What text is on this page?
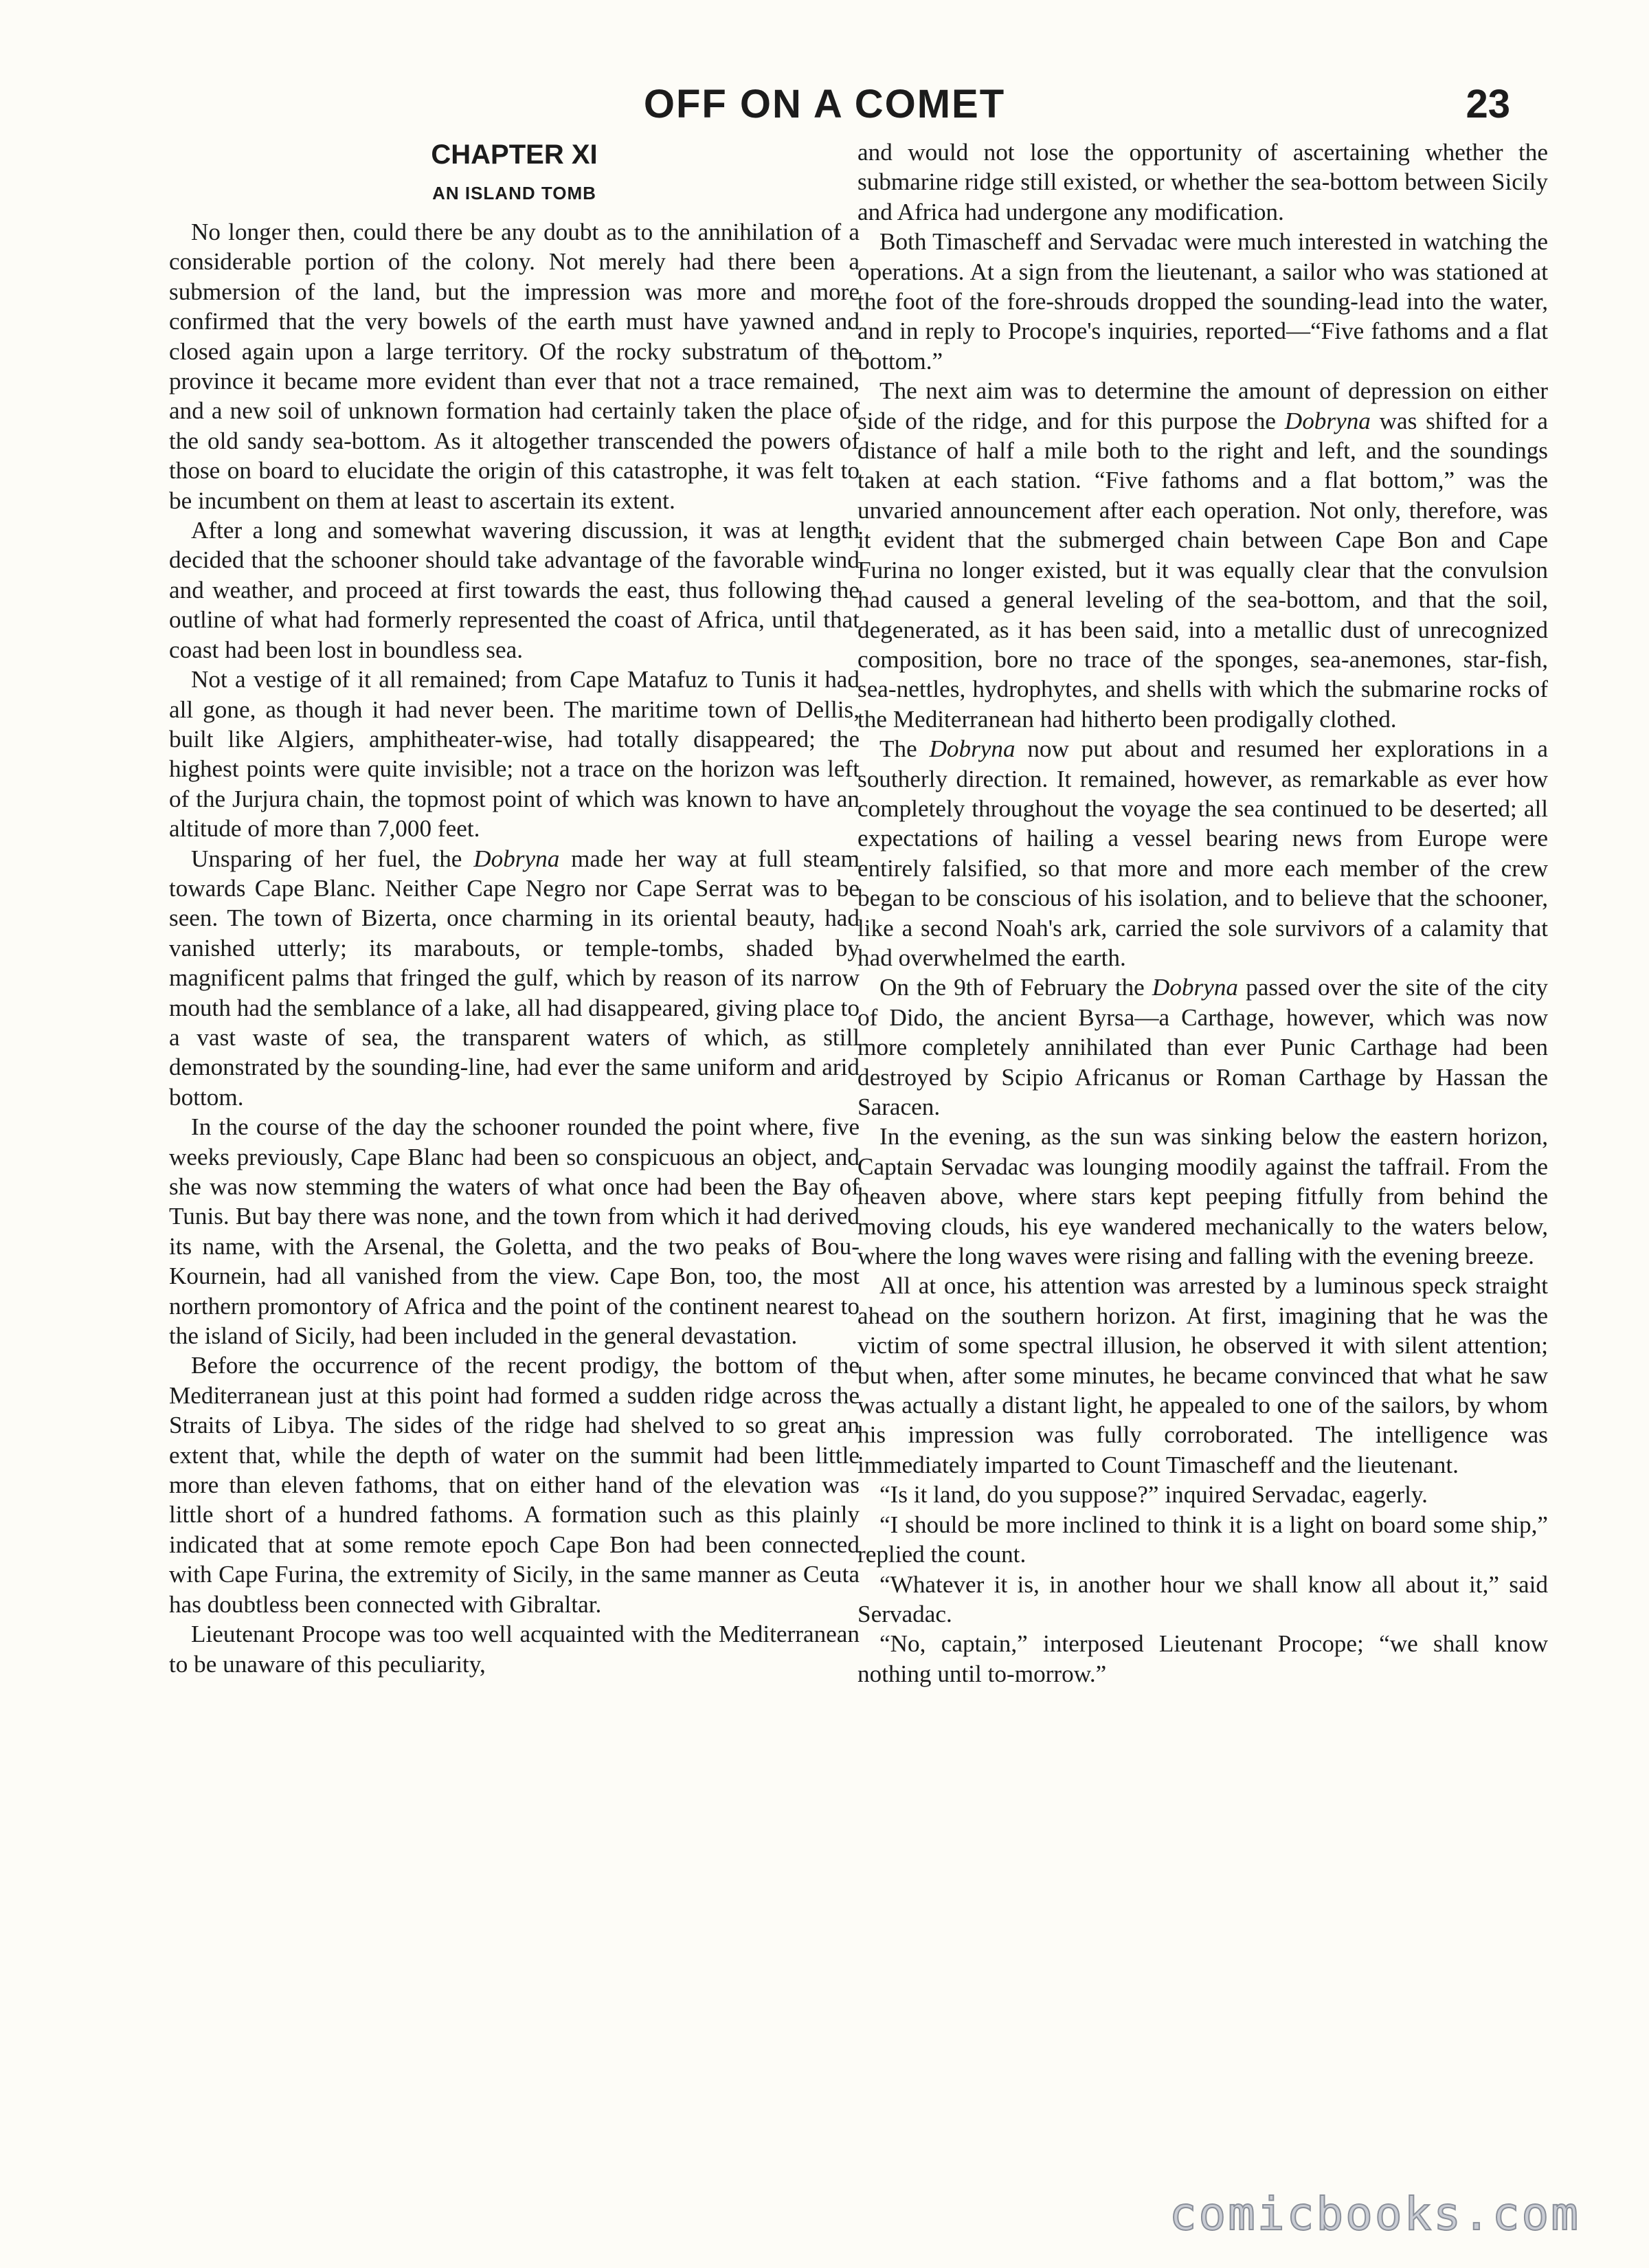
OFF ON A COMET	23
CHAPTER XI
AN ISLAND TOMB

No longer then, could there be any doubt as to the annihilation of a considerable portion of the colony. Not merely had there been a submersion of the land, but the impression was more and more confirmed that the very bowels of the earth must have yawned and closed again upon a large territory. Of the rocky substratum of the province it became more evident than ever that not a trace remained, and a new soil of unknown formation had certainly taken the place of the old sandy sea-bottom. As it altogether transcended the powers of those on board to elucidate the origin of this catastrophe, it was felt to be incumbent on them at least to ascertain its extent.

After a long and somewhat wavering discussion, it was at length decided that the schooner should take advantage of the favorable wind and weather, and proceed at first towards the east, thus following the outline of what had formerly represented the coast of Africa, until that coast had been lost in boundless sea.

Not a vestige of it all remained; from Cape Matafuz to Tunis it had all gone, as though it had never been. The maritime town of Dellis, built like Algiers, amphitheater-wise, had totally disappeared; the highest points were quite invisible; not a trace on the horizon was left of the Jurjura chain, the topmost point of which was known to have an altitude of more than 7,000 feet.

Unsparing of her fuel, the Dobryna made her way at full steam towards Cape Blanc. Neither Cape Negro nor Cape Serrat was to be seen. The town of Bizerta, once charming in its oriental beauty, had vanished utterly; its marabouts, or temple-tombs, shaded by magnificent palms that fringed the gulf, which by reason of its narrow mouth had the semblance of a lake, all had disappeared, giving place to a vast waste of sea, the transparent waters of which, as still demonstrated by the sounding-line, had ever the same uniform and arid bottom.

In the course of the day the schooner rounded the point where, five weeks previously, Cape Blanc had been so conspicuous an object, and she was now stemming the waters of what once had been the Bay of Tunis. But bay there was none, and the town from which it had derived its name, with the Arsenal, the Goletta, and the two peaks of Bou-Kournein, had all vanished from the view. Cape Bon, too, the most northern promontory of Africa and the point of the continent nearest to the island of Sicily, had been included in the general devastation.

Before the occurrence of the recent prodigy, the bottom of the Mediterranean just at this point had formed a sudden ridge across the Straits of Libya. The sides of the ridge had shelved to so great an extent that, while the depth of water on the summit had been little more than eleven fathoms, that on either hand of the elevation was little short of a hundred fathoms. A formation such as this plainly indicated that at some remote epoch Cape Bon had been connected with Cape Furina, the extremity of Sicily, in the same manner as Ceuta has doubtless been connected with Gibraltar.

Lieutenant Procope was too well acquainted with the Mediterranean to be unaware of this peculiarity,

and would not lose the opportunity of ascertaining whether the submarine ridge still existed, or whether the sea-bottom between Sicily and Africa had undergone any modification.

Both Timascheff and Servadac were much interested in watching the operations. At a sign from the lieutenant, a sailor who was stationed at the foot of the fore-shrouds dropped the sounding-lead into the water, and in reply to Procope's inquiries, reported—“Five fathoms and a flat bottom.”

The next aim was to determine the amount of depression on either side of the ridge, and for this purpose the Dobryna was shifted for a distance of half a mile both to the right and left, and the soundings taken at each station. “Five fathoms and a flat bottom,” was the unvaried announcement after each operation. Not only, therefore, was it evident that the submerged chain between Cape Bon and Cape Furina no longer existed, but it was equally clear that the convulsion had caused a general leveling of the sea-bottom, and that the soil, degenerated, as it has been said, into a metallic dust of unrecognized composition, bore no trace of the sponges, sea-anemones, star-fish, sea-nettles, hydrophytes, and shells with which the submarine rocks of the Mediterranean had hitherto been prodigally clothed.

The Dobryna now put about and resumed her explorations in a southerly direction. It remained, however, as remarkable as ever how completely throughout the voyage the sea continued to be deserted; all expectations of hailing a vessel bearing news from Europe were entirely falsified, so that more and more each member of the crew began to be conscious of his isolation, and to believe that the schooner, like a second Noah's ark, carried the sole survivors of a calamity that had overwhelmed the earth.

On the 9th of February the Dobryna passed over the site of the city of Dido, the ancient Byrsa—a Carthage, however, which was now more completely annihilated than ever Punic Carthage had been destroyed by Scipio Africanus or Roman Carthage by Hassan the Saracen.

In the evening, as the sun was sinking below the eastern horizon, Captain Servadac was lounging moodily against the taffrail. From the heaven above, where stars kept peeping fitfully from behind the moving clouds, his eye wandered mechanically to the waters below, where the long waves were rising and falling with the evening breeze.

All at once, his attention was arrested by a luminous speck straight ahead on the southern horizon. At first, imagining that he was the victim of some spectral illusion, he observed it with silent attention; but when, after some minutes, he became convinced that what he saw was actually a distant light, he appealed to one of the sailors, by whom his impression was fully corroborated. The intelligence was immediately imparted to Count Timascheff and the lieutenant.

“Is it land, do you suppose?” inquired Servadac, eagerly.

“I should be more inclined to think it is a light on board some ship,” replied the count.

“Whatever it is, in another hour we shall know all about it,” said Servadac.

“No, captain,” interposed Lieutenant Procope; “we shall know nothing until to-morrow.”

comicbooks.com
